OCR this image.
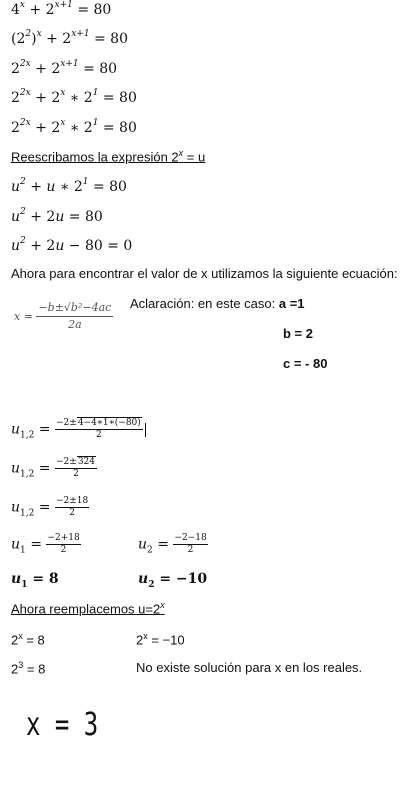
$4^x + 2^{x+1} = 80$
$(2^2)^x + 2^{x+1} = 80$
$2^{2x} + 2^{x+1} = 80$
$2^{2x} + 2^x$ ∗ $2^1 = 80$
$2^{2x} + 2^x$ ∗ $2^1 = 80$
Reescribamos la expresión $2^x = u$
$u^2 + u$ ∗ $2^1 = 80$
$u^2 + 2u = 80$
$u^2 + 2u - 80 = 0$
Ahora para encontrar el valor de x utilizamos la siguiente ecuación:
$x = \frac{\text{−b±√b²−4ac}}{2a}$ Aclaración: en este caso: a =1
b = 2
c = - 80
$u_{1,2} = \frac{-2\pm 4-4∗1∗(-80)}{2}$
$u_{1,2} = \frac{-2\pm 324}{2}$
$u_{1,2} = \frac{-2\pm 18}{2}$
$u_1 = \frac{-2+18}{2}$	$u_2 = \frac{-2-18}{2}$
$u_1 = 8$	$u_2 = -10$
Ahora reemplacemos $u=2^x$
$2^x = 8$	$2^x = -10$
$2^3 = 8$	No existe solución para x en los reales.
x = 3
